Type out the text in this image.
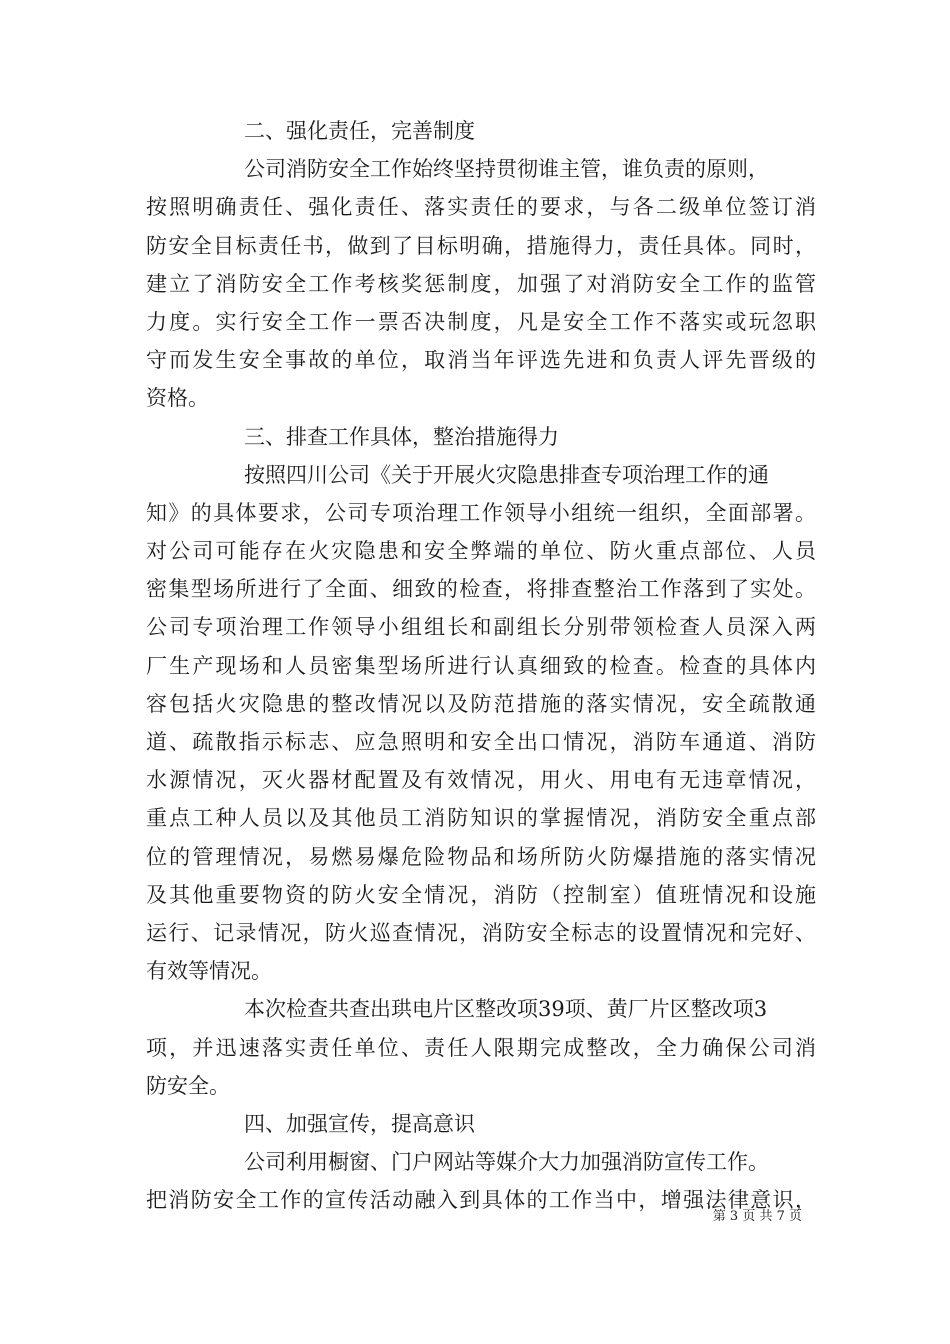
二、强化责任，完善制度
公司消防安全工作始终坚持贯彻谁主管，谁负责的原则，
按照明确责任、强化责任、落实责任的要求，与各二级单位签订消
防安全目标责任书，做到了目标明确，措施得力，责任具体。同时，
建立了消防安全工作考核奖惩制度，加强了对消防安全工作的监管
力度。实行安全工作一票否决制度，凡是安全工作不落实或玩忽职
守而发生安全事故的单位，取消当年评选先进和负责人评先晋级的
资格。
三、排查工作具体，整治措施得力
按照四川公司《关于开展火灾隐患排查专项治理工作的通
知》的具体要求，公司专项治理工作领导小组统一组织，全面部署。
对公司可能存在火灾隐患和安全弊端的单位、防火重点部位、人员
密集型场所进行了全面、细致的检查，将排查整治工作落到了实处。
公司专项治理工作领导小组组长和副组长分别带领检查人员深入两
厂生产现场和人员密集型场所进行认真细致的检查。检查的具体内
容包括火灾隐患的整改情况以及防范措施的落实情况，安全疏散通
道、疏散指示标志、应急照明和安全出口情况，消防车通道、消防
水源情况，灭火器材配置及有效情况，用火、用电有无违章情况，
重点工种人员以及其他员工消防知识的掌握情况，消防安全重点部
位的管理情况，易燃易爆危险物品和场所防火防爆措施的落实情况
及其他重要物资的防火安全情况，消防（控制室）值班情况和设施
运行、记录情况，防火巡查情况，消防安全标志的设置情况和完好、
有效等情况。
本次检查共查出珙电片区整改项39项、黄厂片区整改项3
项，并迅速落实责任单位、责任人限期完成整改，全力确保公司消
防安全。
四、加强宣传，提高意识
公司利用橱窗、门户网站等媒介大力加强消防宣传工作。
把消防安全工作的宣传活动融入到具体的工作当中，增强法律意识，
第 3 页 共 7 页
